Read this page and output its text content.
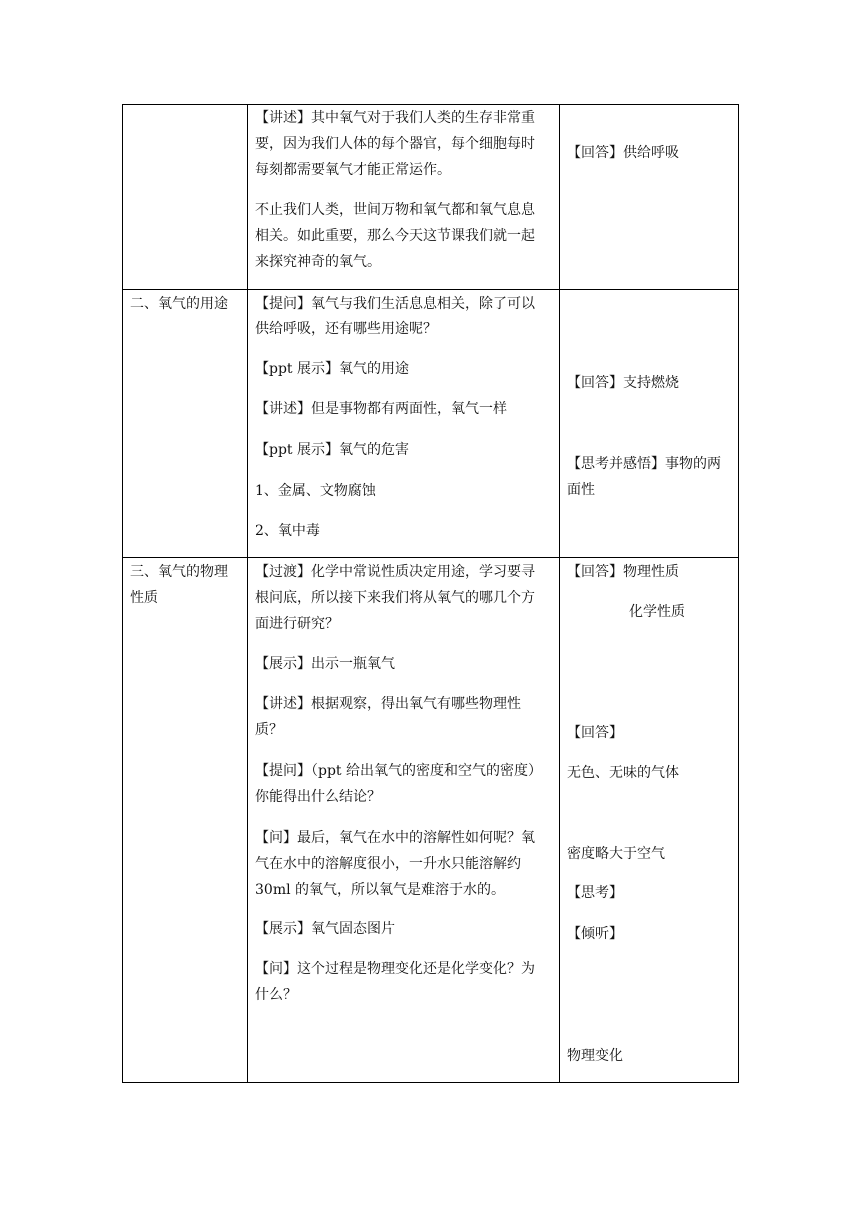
【讲述】其中氧气对于我们人类的生存非常重
要，因为我们人体的每个器官，每个细胞每时
每刻都需要氧气才能正常运作。
不止我们人类，世间万物和氧气都和氧气息息
相关。如此重要，那么今天这节课我们就一起
来探究神奇的氧气。
【回答】供给呼吸
二、氧气的用途 【提问】氧气与我们生活息息相关，除了可以
供给呼吸，还有哪些用途呢？
【ppt 展示】氧气的用途
【讲述】但是事物都有两面性，氧气一样
【ppt 展示】氧气的危害
1、金属、文物腐蚀
2、氧中毒
【回答】支持燃烧
【思考并感悟】事物的两
面性
三、氧气的物理
性质
【过渡】化学中常说性质决定用途，学习要寻
根问底，所以接下来我们将从氧气的哪几个方
面进行研究？
【展示】出示一瓶氧气
【讲述】根据观察，得出氧气有哪些物理性
质？
【提问】（ppt 给出氧气的密度和空气的密度）
你能得出什么结论？
【问】最后，氧气在水中的溶解性如何呢？氧
气在水中的溶解度很小，一升水只能溶解约
30ml 的氧气，所以氧气是难溶于水的。
【展示】氧气固态图片
【问】这个过程是物理变化还是化学变化？为
什么？
【回答】物理性质
化学性质
【回答】
无色、无味的气体
密度略大于空气
【思考】
【倾听】
物理变化
